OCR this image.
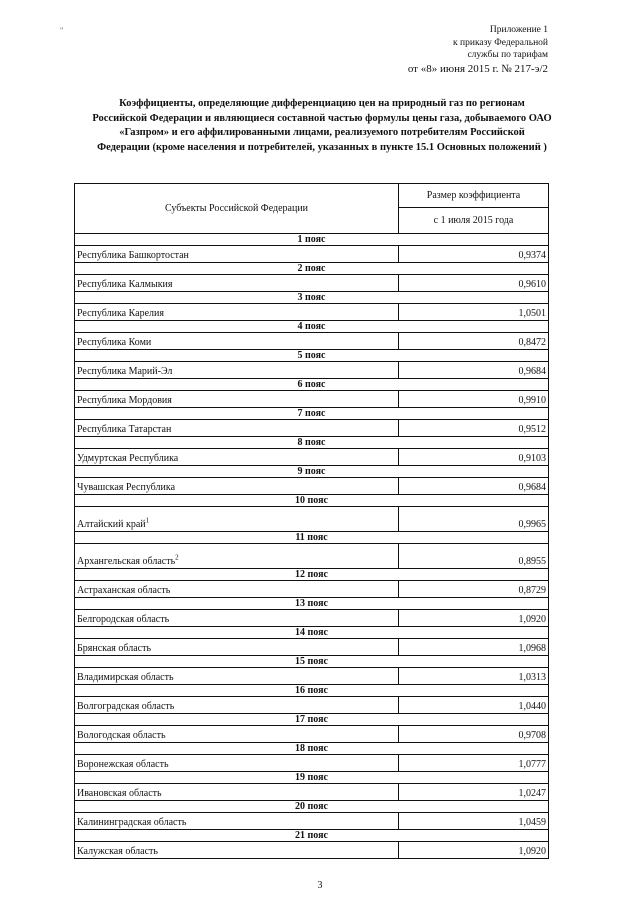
"	Приложение 1
к приказу Федеральной
службы по тарифам
от «8» июня 2015 г. № 217-э/2
Коэффициенты, определяющие дифференциацию цен на природный газ по регионам Российской Федерации и являющиеся составной частью формулы цены газа, добываемого ОАО «Газпром» и его аффилированными лицами, реализуемого потребителям Российской Федерации (кроме населения и потребителей, указанных в пункте 15.1 Основных положений )
Субъекты Российской Федерации	Размер коэффициента
	с 1 июля 2015 года
1 пояс	
Республика Башкортостан	0,9374
2 пояс	
Республика Калмыкия	0,9610
3 пояс	
Республика Карелия	1,0501
4 пояс	
Республика Коми	0,8472
5 пояс	
Республика Марий-Эл	0,9684
6 пояс	
Республика Мордовия	0,9910
7 пояс	
Республика Татарстан	0,9512
8 пояс	
Удмуртская Республика	0,9103
9 пояс	
Чувашская Республика	0,9684
10 пояс	
Алтайский край$^1$	0,9965
11 пояс	
Архангельская область$^2$	0,8955
12 пояс	
Астраханская область	0,8729
13 пояс	
Белгородская область	1,0920
14 пояс	
Брянская область	1,0968
15 пояс	
Владимирская область	1,0313
16 пояс	
Волгоградская область	1,0440
17 пояс	
Вологодская область	0,9708
18 пояс	
Воронежская область	1,0777
19 пояс	
Ивановская область	1,0247
20 пояс	
Калининградская область	1,0459
21 пояс	
Калужская область	1,0920
3
